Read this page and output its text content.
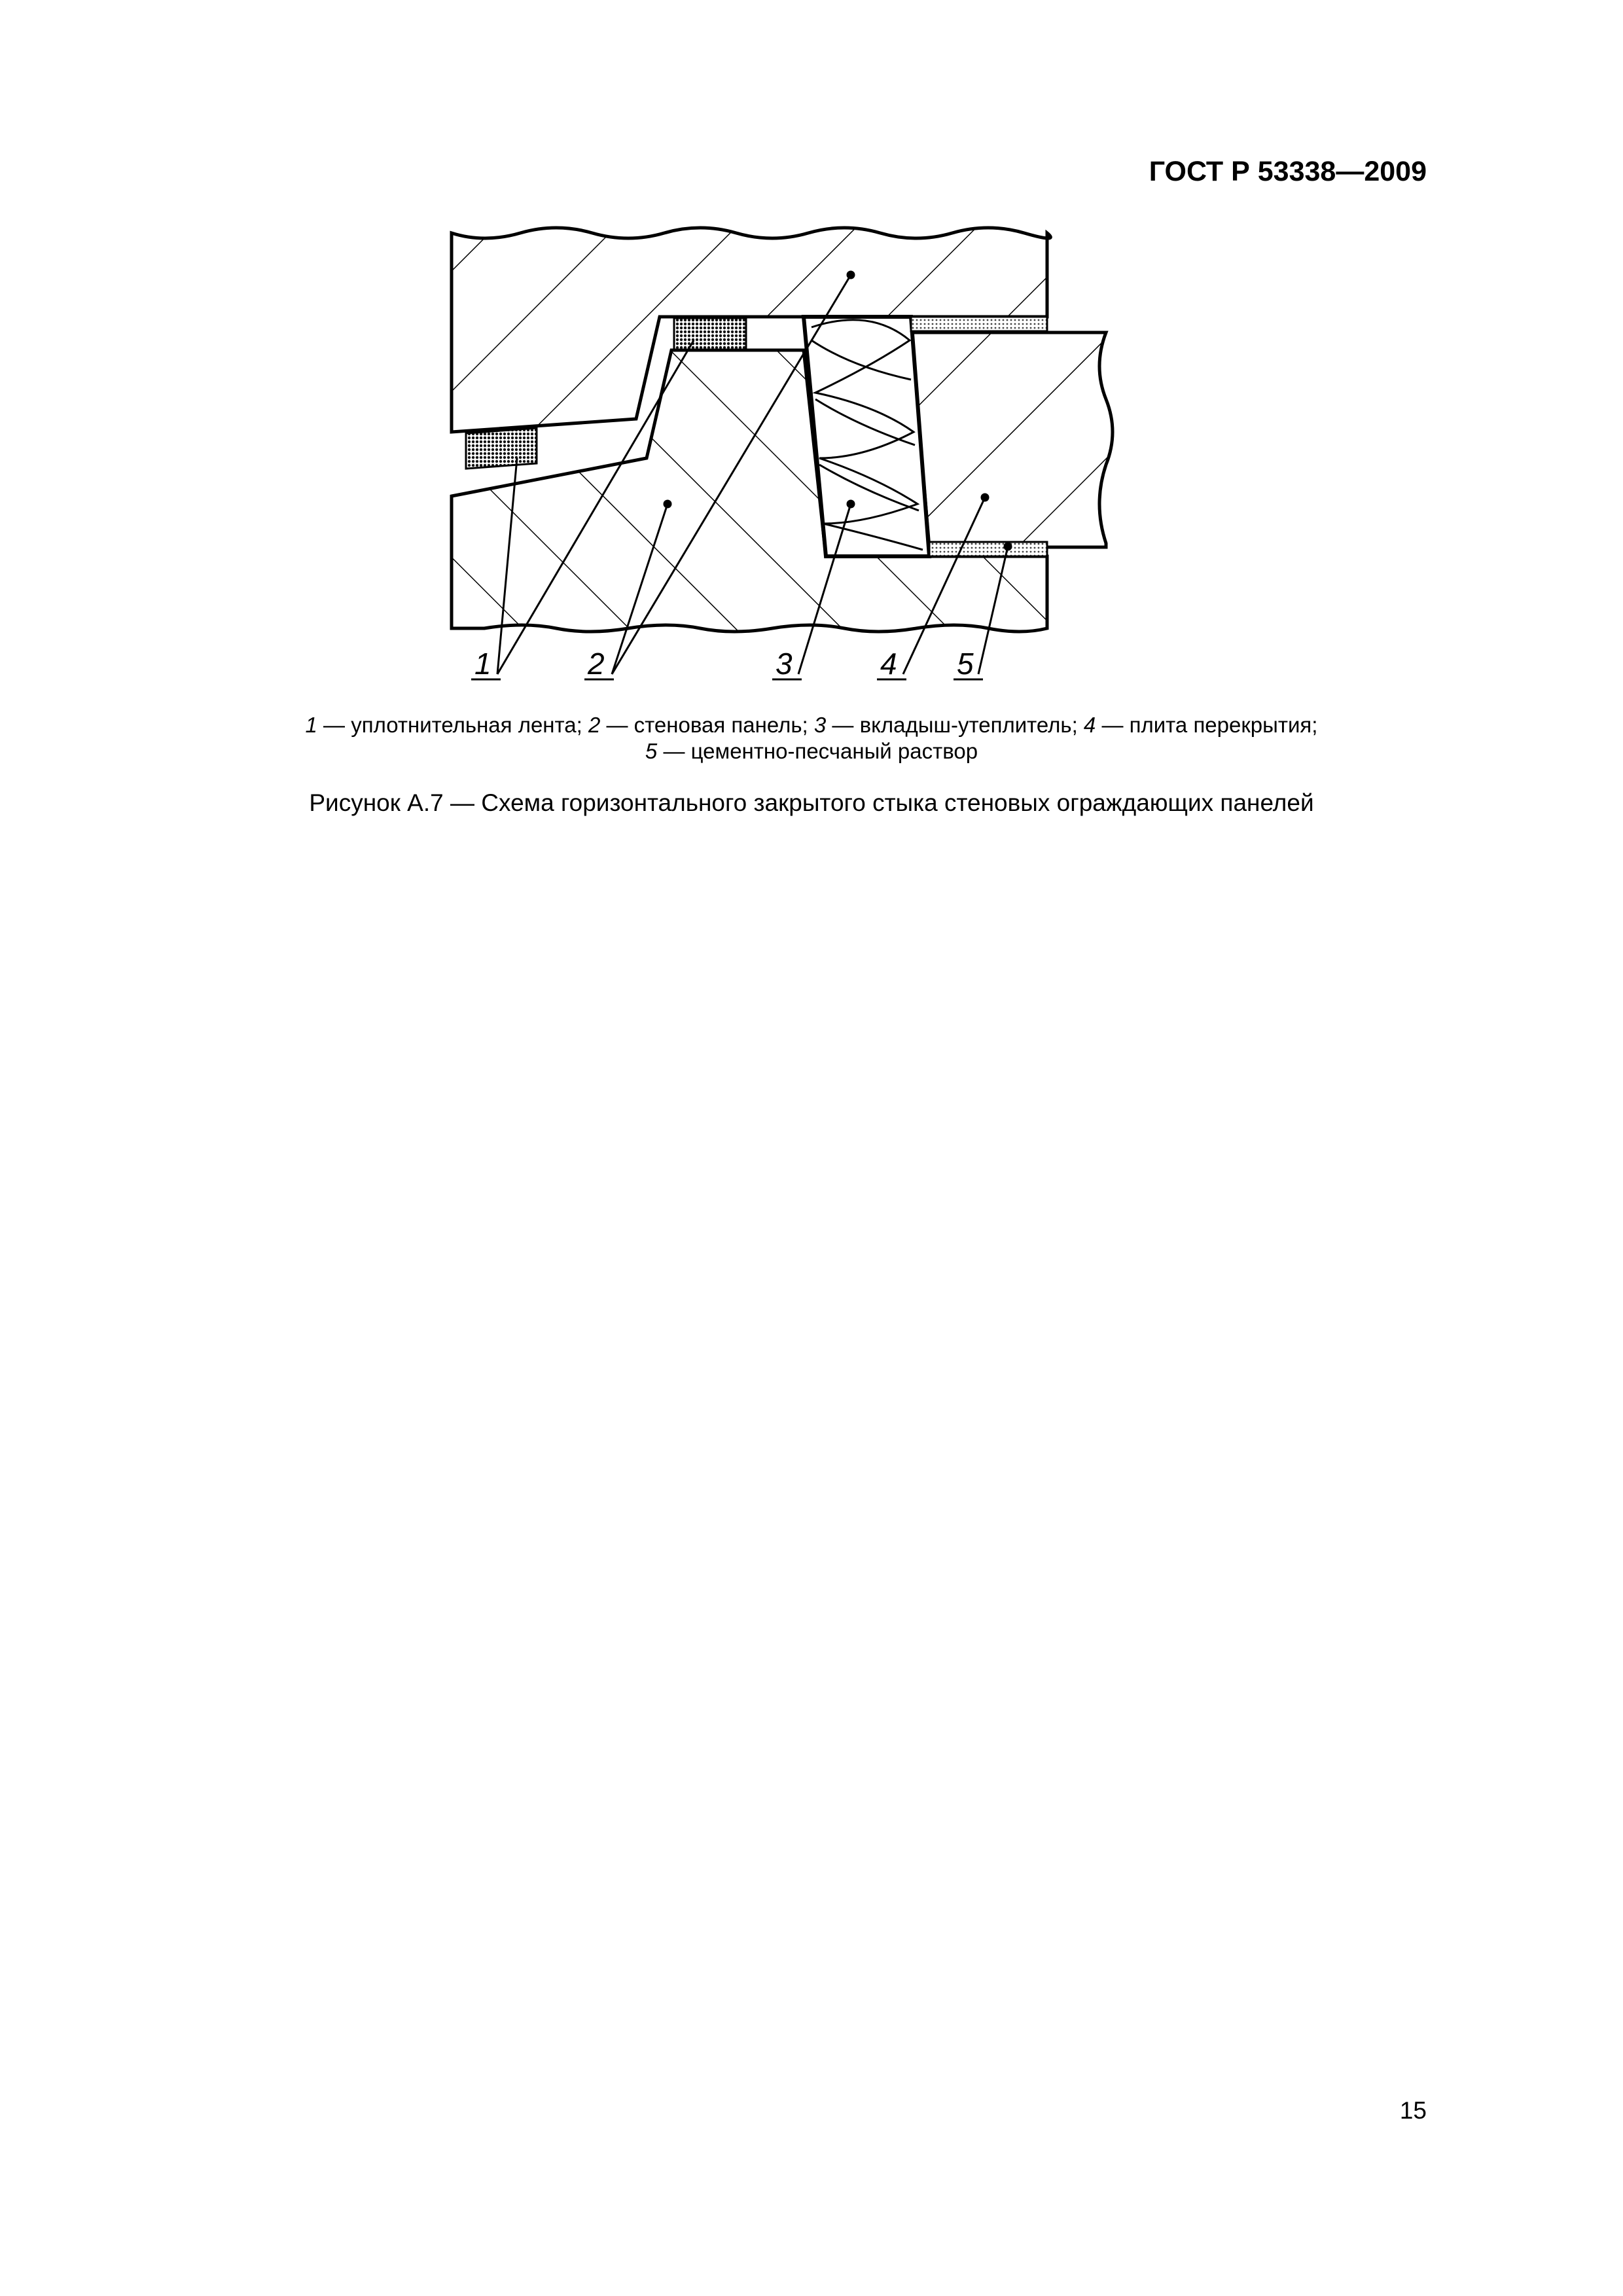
ГОСТ Р 53338—2009
1	2	3	4 5
1 — уплотнительная лента; 2 — стеновая панель; 3 — вкладыш-утеплитель; 4 — плита перекрытия;
5 — цементно-песчаный раствор
Рисунок А.7 — Схема горизонтального закрытого стыка стеновых ограждающих панелей
15
